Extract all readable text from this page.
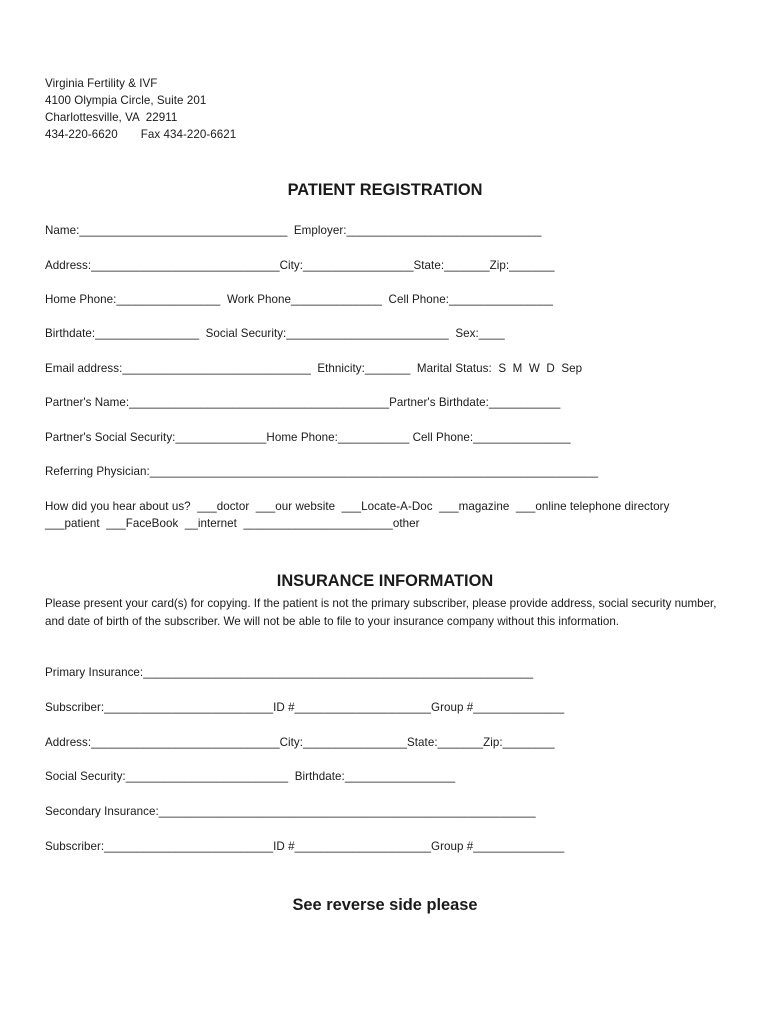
Virginia Fertility & IVF
4100 Olympia Circle, Suite 201
Charlottesville, VA  22911
434-220-6620       Fax 434-220-6621
PATIENT REGISTRATION
Name:________________________________  Employer:______________________________
Address:_____________________________City:_________________State:_______Zip:_______
Home Phone:________________  Work Phone______________  Cell Phone:________________
Birthdate:________________  Social Security:_________________________  Sex:____
Email address:_____________________________  Ethnicity:_______  Marital Status:  S  M  W  D  Sep
Partner's Name:________________________________________Partner's Birthdate:___________
Partner's Social Security:______________Home Phone:___________ Cell Phone:_______________
Referring Physician:_____________________________________________________________________
How did you hear about us?  ___doctor  ___our website  ___Locate-A-Doc  ___magazine  ___online telephone directory
___patient  ___FaceBook  __internet  _______________________other
INSURANCE INFORMATION
Please present your card(s) for copying. If the patient is not the primary subscriber, please provide address, social security number, and date of birth of the subscriber. We will not be able to file to your insurance company without this information.
Primary Insurance:____________________________________________________________
Subscriber:__________________________ID #_____________________Group #______________
Address:_____________________________City:________________State:_______Zip:________
Social Security:_________________________  Birthdate:_________________
Secondary Insurance:__________________________________________________________
Subscriber:__________________________ID #_____________________Group #______________
See reverse side please
